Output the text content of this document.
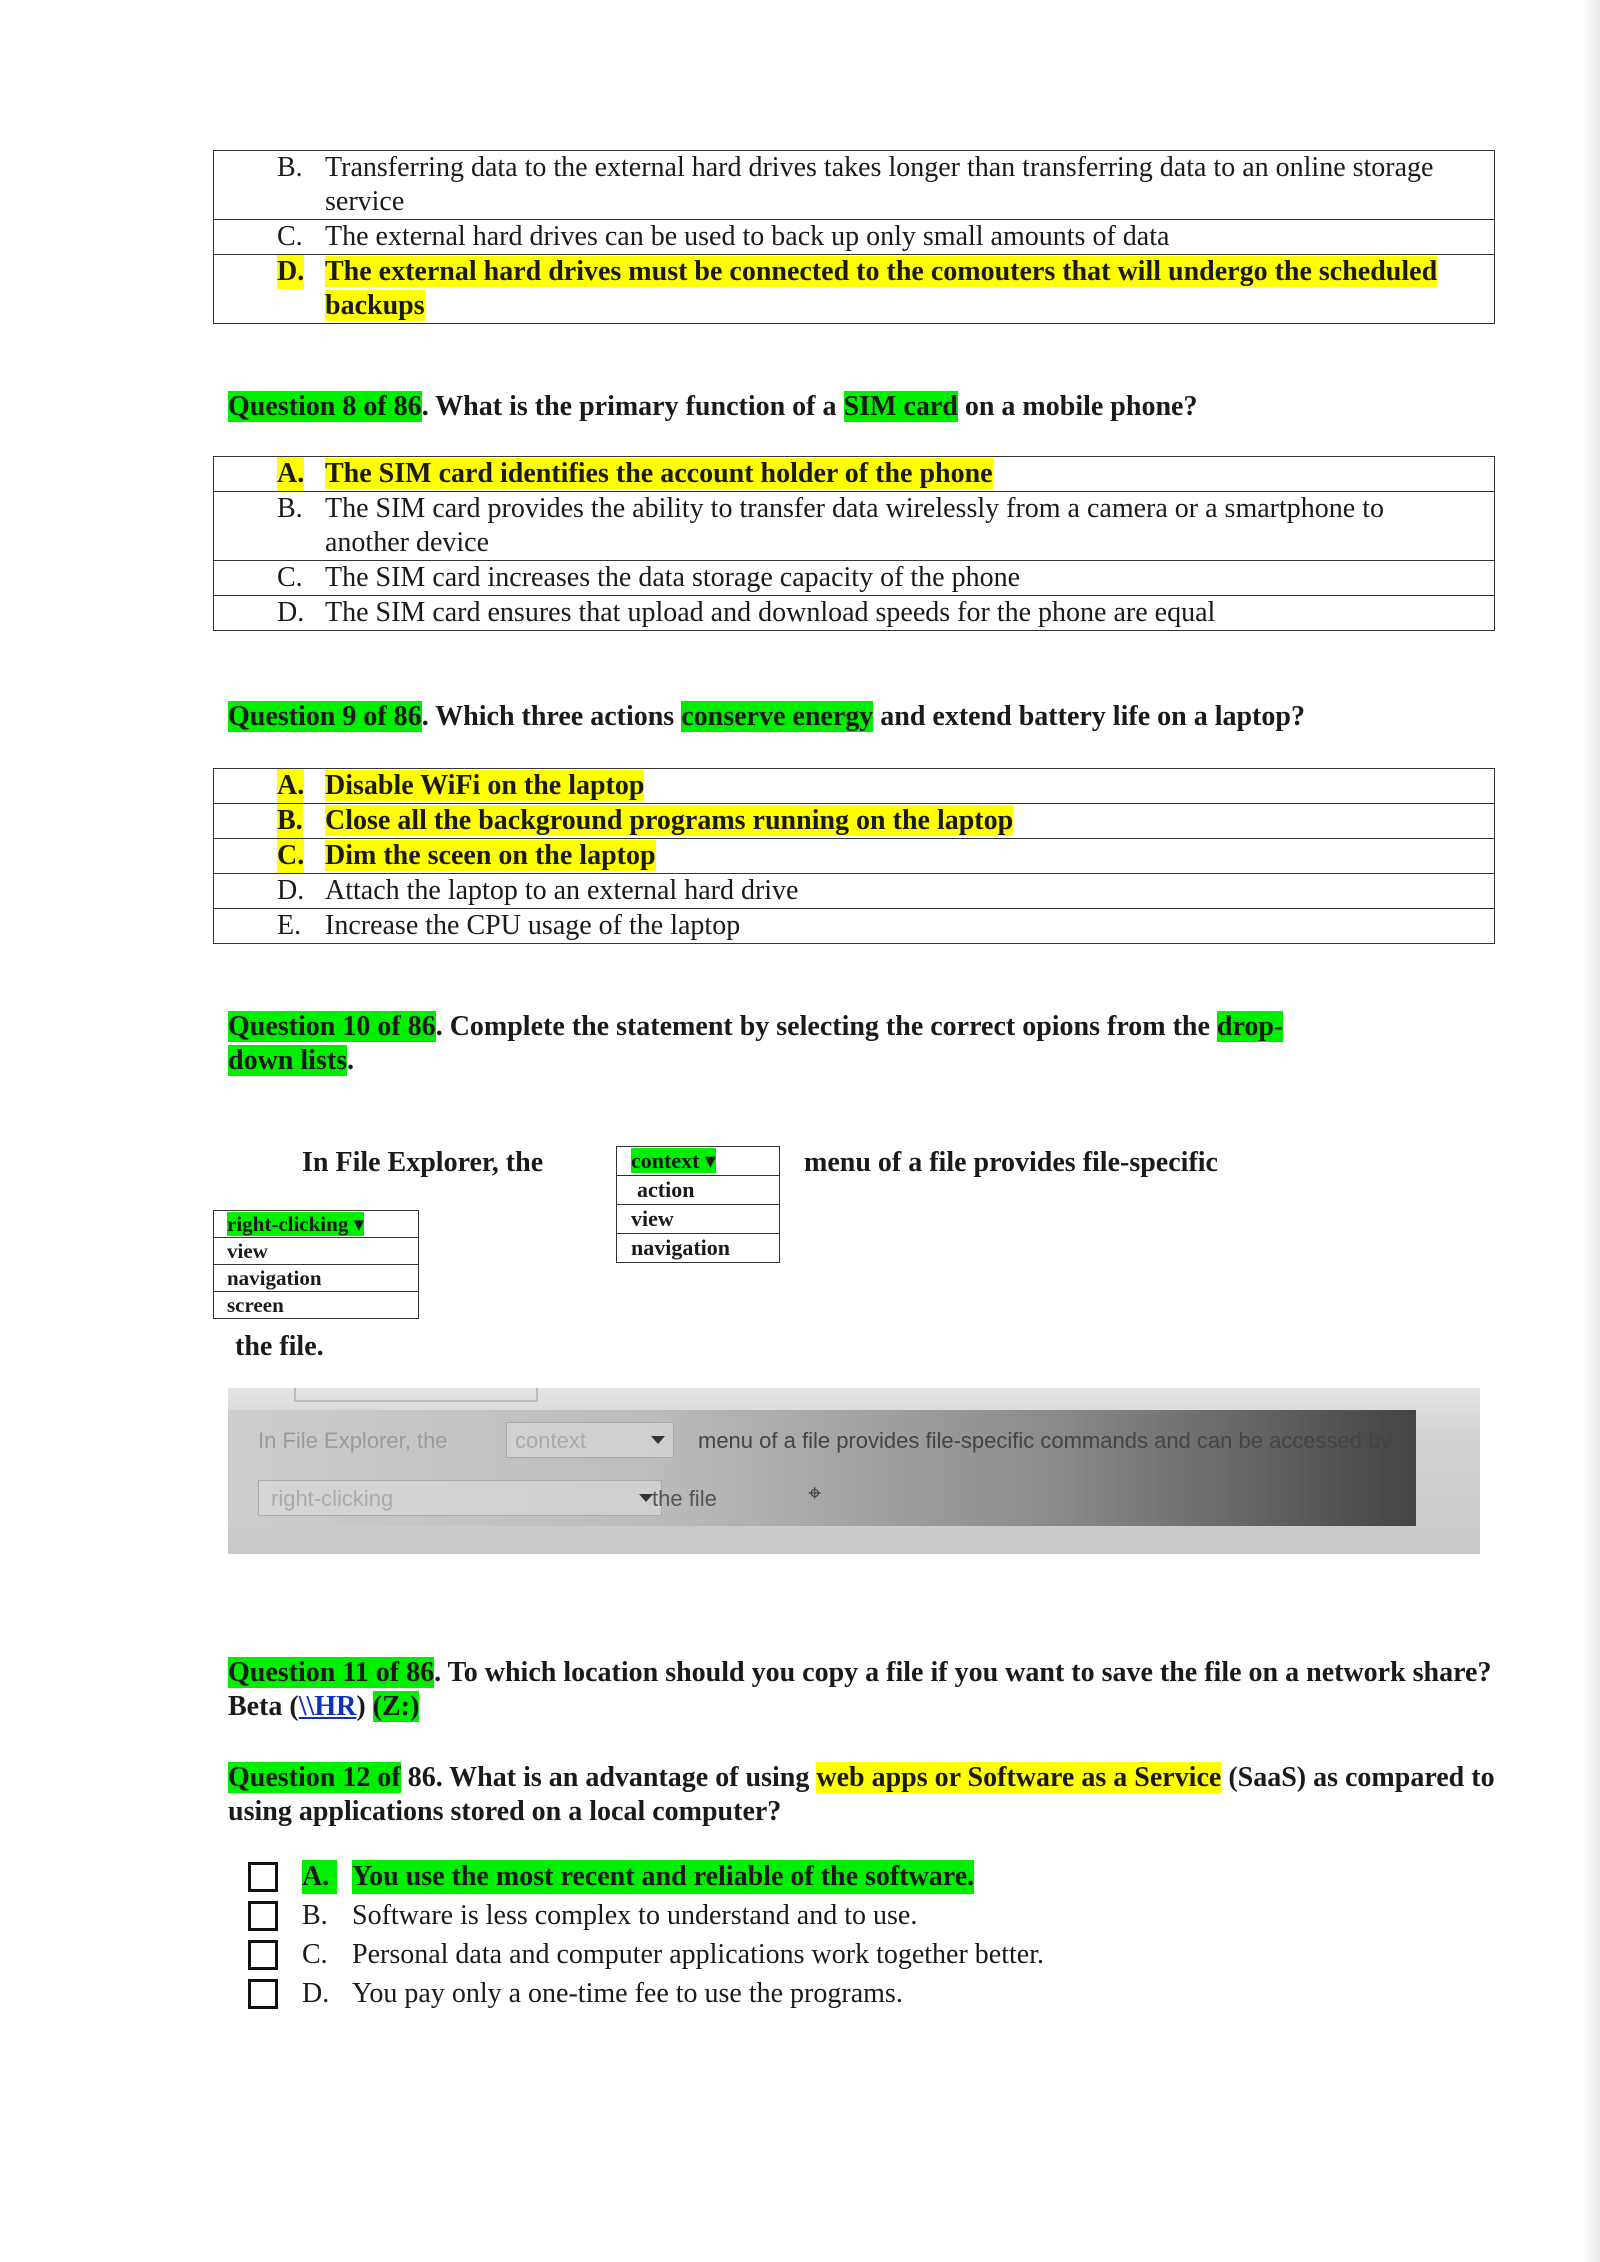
B. Transferring data to the external hard drives takes longer than transferring data to an online storage service
C. The external hard drives can be used to back up only small amounts of data
D. The external hard drives must be connected to the comouters that will undergo the scheduled backups
Question 8 of 86. What is the primary function of a SIM card on a mobile phone?
A. The SIM card identifies the account holder of the phone
B. The SIM card provides the ability to transfer data wirelessly from a camera or a smartphone to another device
C. The SIM card increases the data storage capacity of the phone
D. The SIM card ensures that upload and download speeds for the phone are equal
Question 9 of 86. Which three actions conserve energy and extend battery life on a laptop?
A. Disable WiFi on the laptop
B. Close all the background programs running on the laptop
C. Dim the sceen on the laptop
D. Attach the laptop to an external hard drive
E. Increase the CPU usage of the laptop
Question 10 of 86. Complete the statement by selecting the correct opions from the drop-
down lists.
In File Explorer, the	menu of a file provides file-specific
context ▾
action
view
navigation
right-clicking ▾
view
navigation
screen
the file.
In File Explorer, the	context	menu of a file provides file-specific commands and can be accessed by
right-clicking	the file	⌖
Question 11 of 86. To which location should you copy a file if you want to save the file on a network share? Beta (\\HR) (Z:)
Question 12 of 86. What is an advantage of using web apps or Software as a Service (SaaS) as compared to using applications stored on a local computer?
A. You use the most recent and reliable of the software.
B. Software is less complex to understand and to use.
C. Personal data and computer applications work together better.
D. You pay only a one-time fee to use the programs.
